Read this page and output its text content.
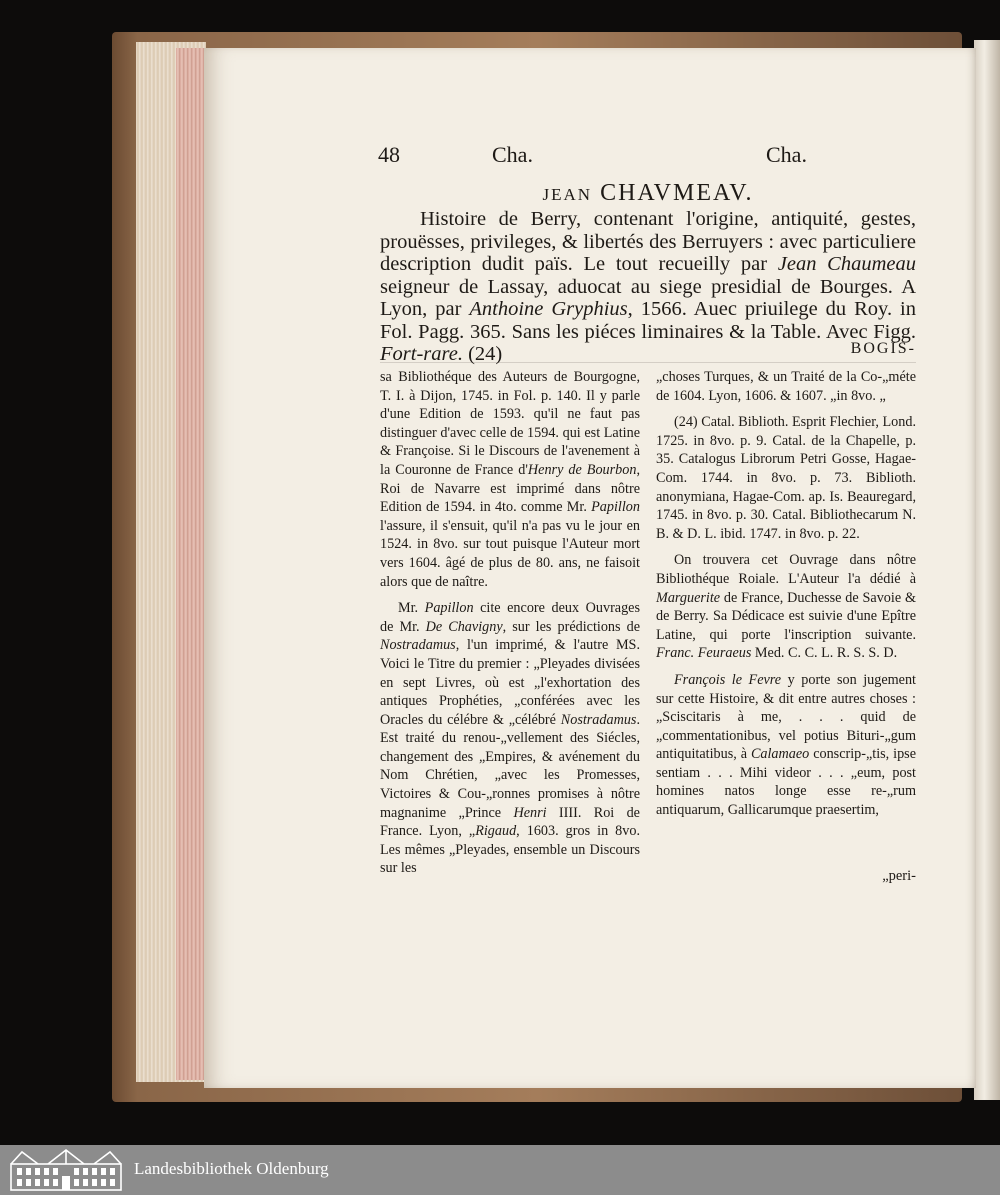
48	Cha.	Cha.
JEAN CHAVMEAV.
Histoire de Berry, contenant l'origine, antiquité, gestes, prouësses, privileges, & libertés des Berruyers : avec particuliere description dudit païs. Le tout recueilly par Jean Chaumeau seigneur de Lassay, aduocat au siege presidial de Bourges. A Lyon, par Anthoine Gryphius, 1566. Auec priuilege du Roy. in Fol. Pagg. 365. Sans les piéces liminaires & la Table. Avec Figg. Fort-rare. (24)	BOGIS-

sa Bibliothéque des Auteurs de Bourgogne, T. I. à Dijon, 1745. in Fol. p. 140. Il y parle d'une Edition de 1593. qu'il ne faut pas distinguer d'avec celle de 1594. qui est Latine & Françoise. Si le Discours de l'avenement à la Couronne de France d'Henry de Bourbon, Roi de Navarre est imprimé dans nôtre Edition de 1594. in 4to. comme Mr. Papillon l'assure, il s'ensuit, qu'il n'a pas vu le jour en 1524. in 8vo. sur tout puisque l'Auteur mort vers 1604. âgé de plus de 80. ans, ne faisoit alors que de naître.

Mr. Papillon cite encore deux Ouvrages de Mr. De Chavigny, sur les prédictions de Nostradamus, l'un imprimé, & l'autre MS. Voici le Titre du premier : „Pleyades divisées en sept Livres, où est „l'exhortation des antiques Prophéties, „conférées avec les Oracles du célébre & „célébré Nostradamus. Est traité du renou-„vellement des Siécles, changement des „Empires, & avénement du Nom Chrétien, „avec les Promesses, Victoires & Cou-„ronnes promises à nôtre magnanime „Prince Henri IIII. Roi de France. Lyon, „Rigaud, 1603. gros in 8vo. Les mêmes „Pleyades, ensemble un Discours sur les

„choses Turques, & un Traité de la Co-„méte de 1604. Lyon, 1606. & 1607. „in 8vo. „

(24) Catal. Biblioth. Esprit Flechier, Lond. 1725. in 8vo. p. 9. Catal. de la Chapelle, p. 35. Catalogus Librorum Petri Gosse, Hagae-Com. 1744. in 8vo. p. 73. Biblioth. anonymiana, Hagae-Com. ap. Is. Beauregard, 1745. in 8vo. p. 30. Catal. Bibliothecarum N. B. & D. L. ibid. 1747. in 8vo. p. 22.

On trouvera cet Ouvrage dans nôtre Bibliothéque Roiale. L'Auteur l'a dédié à Marguerite de France, Duchesse de Savoie & de Berry. Sa Dédicace est suivie d'une Epître Latine, qui porte l'inscription suivante. Franc. Feuraeus Med. C. C. L. R. S. S. D.

François le Fevre y porte son jugement sur cette Histoire, & dit entre autres choses : „Sciscitaris à me, . . . quid de „commentationibus, vel potius Bituri-„gum antiquitatibus, à Calamaeo conscrip-„tis, ipse sentiam . . . Mihi videor . . . „eum, post homines natos longe esse re-„rum antiquarum, Gallicarumque praesertim,

„peri-
Landesbibliothek Oldenburg
